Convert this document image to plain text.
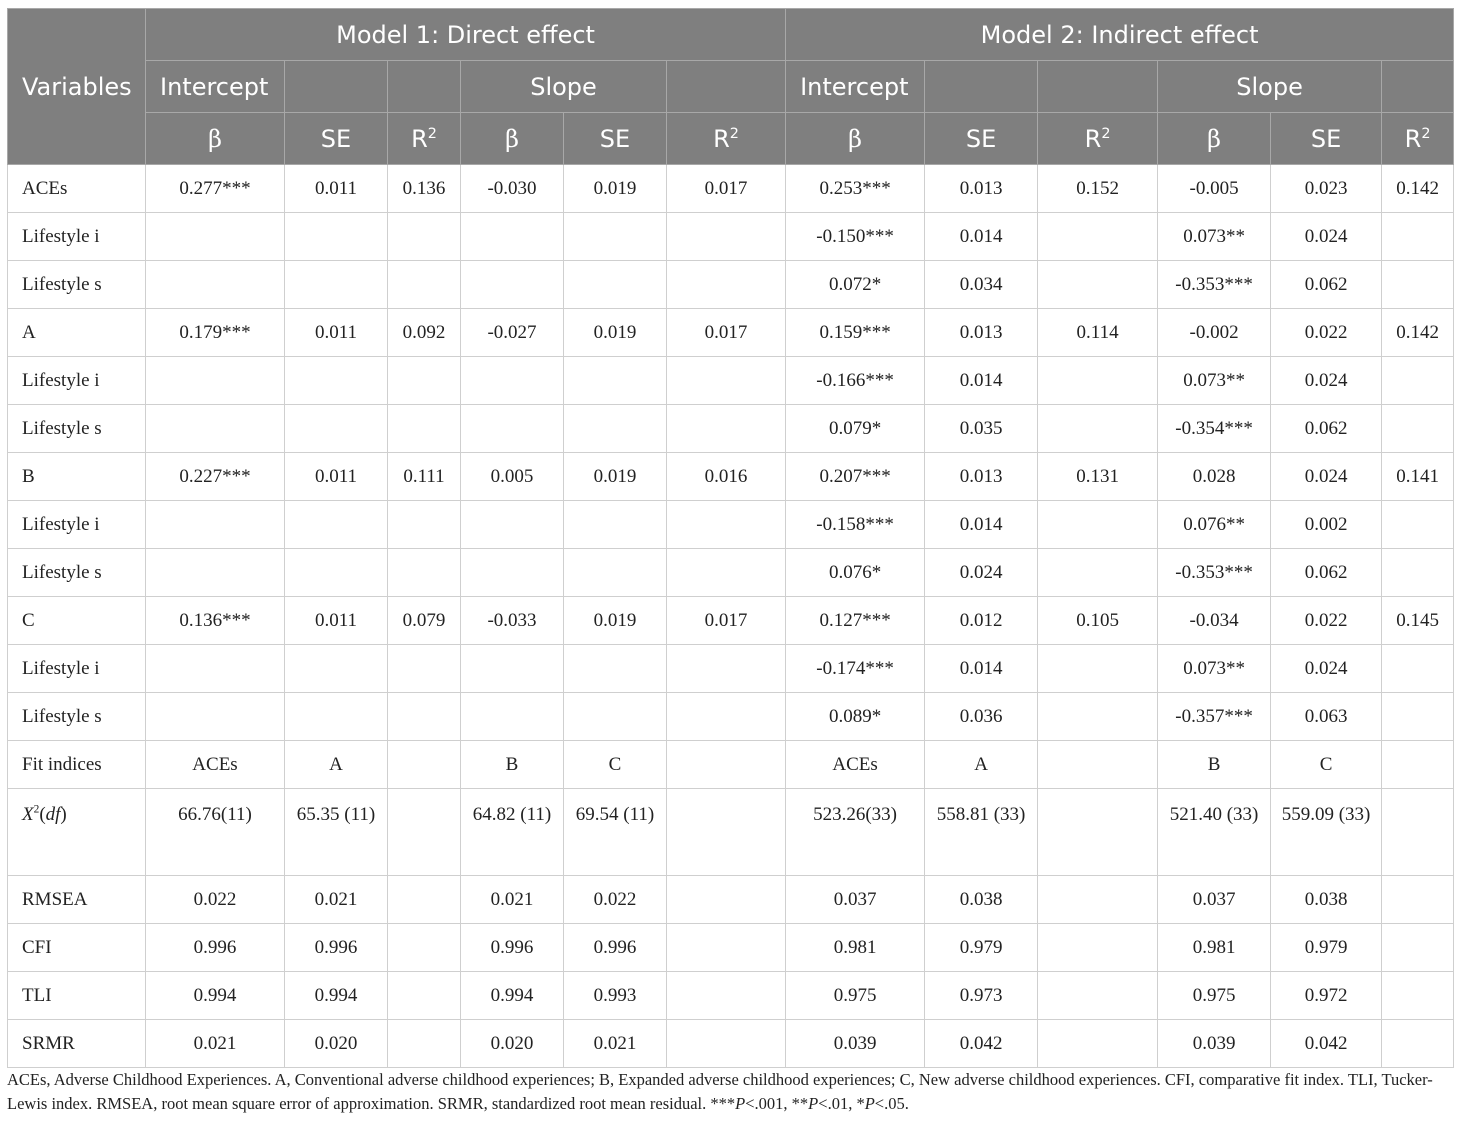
Variables	Model 1: Direct effect						Model 2: Indirect effect					
	Intercept			Slope			Intercept			Slope		
	β	SE	$R^2$	β	SE	$R^2$	β	SE	$R^2$	β	SE	$R^2$
ACEs	0.277***	0.011	0.136	-0.030	0.019	0.017	0.253***	0.013	0.152	-0.005	0.023	0.142
Lifestyle i							-0.150***	0.014		0.073**	0.024	
Lifestyle s							0.072*	0.034		-0.353***	0.062	
A	0.179***	0.011	0.092	-0.027	0.019	0.017	0.159***	0.013	0.114	-0.002	0.022	0.142
Lifestyle i							-0.166***	0.014		0.073**	0.024	
Lifestyle s							0.079*	0.035		-0.354***	0.062	
B	0.227***	0.011	0.111	0.005	0.019	0.016	0.207***	0.013	0.131	0.028	0.024	0.141
Lifestyle i							-0.158***	0.014		0.076**	0.002	
Lifestyle s							0.076*	0.024		-0.353***	0.062	
C	0.136***	0.011	0.079	-0.033	0.019	0.017	0.127***	0.012	0.105	-0.034	0.022	0.145
Lifestyle i							-0.174***	0.014		0.073**	0.024	
Lifestyle s							0.089*	0.036		-0.357***	0.063	
Fit indices	ACEs	A		B	C		ACEs	A		B	C	
$X^2(df)$	66.76(11)	65.35 (11)		64.82 (11)	69.54 (11)		523.26(33)	558.81 (33)		521.40 (33)	559.09 (33)	
RMSEA	0.022	0.021		0.021	0.022		0.037	0.038		0.037	0.038	
CFI	0.996	0.996		0.996	0.996		0.981	0.979		0.981	0.979	
TLI	0.994	0.994		0.994	0.993		0.975	0.973		0.975	0.972	
SRMR	0.021	0.020		0.020	0.021		0.039	0.042		0.039	0.042	
ACEs, Adverse Childhood Experiences. A, Conventional adverse childhood experiences; B, Expanded adverse childhood experiences; C, New adverse childhood experiences. CFI, comparative fit index. TLI, Tucker-Lewis index. RMSEA, root mean square error of approximation. SRMR, standardized root mean residual. ***P<.001, **P<.01, *P<.05.
